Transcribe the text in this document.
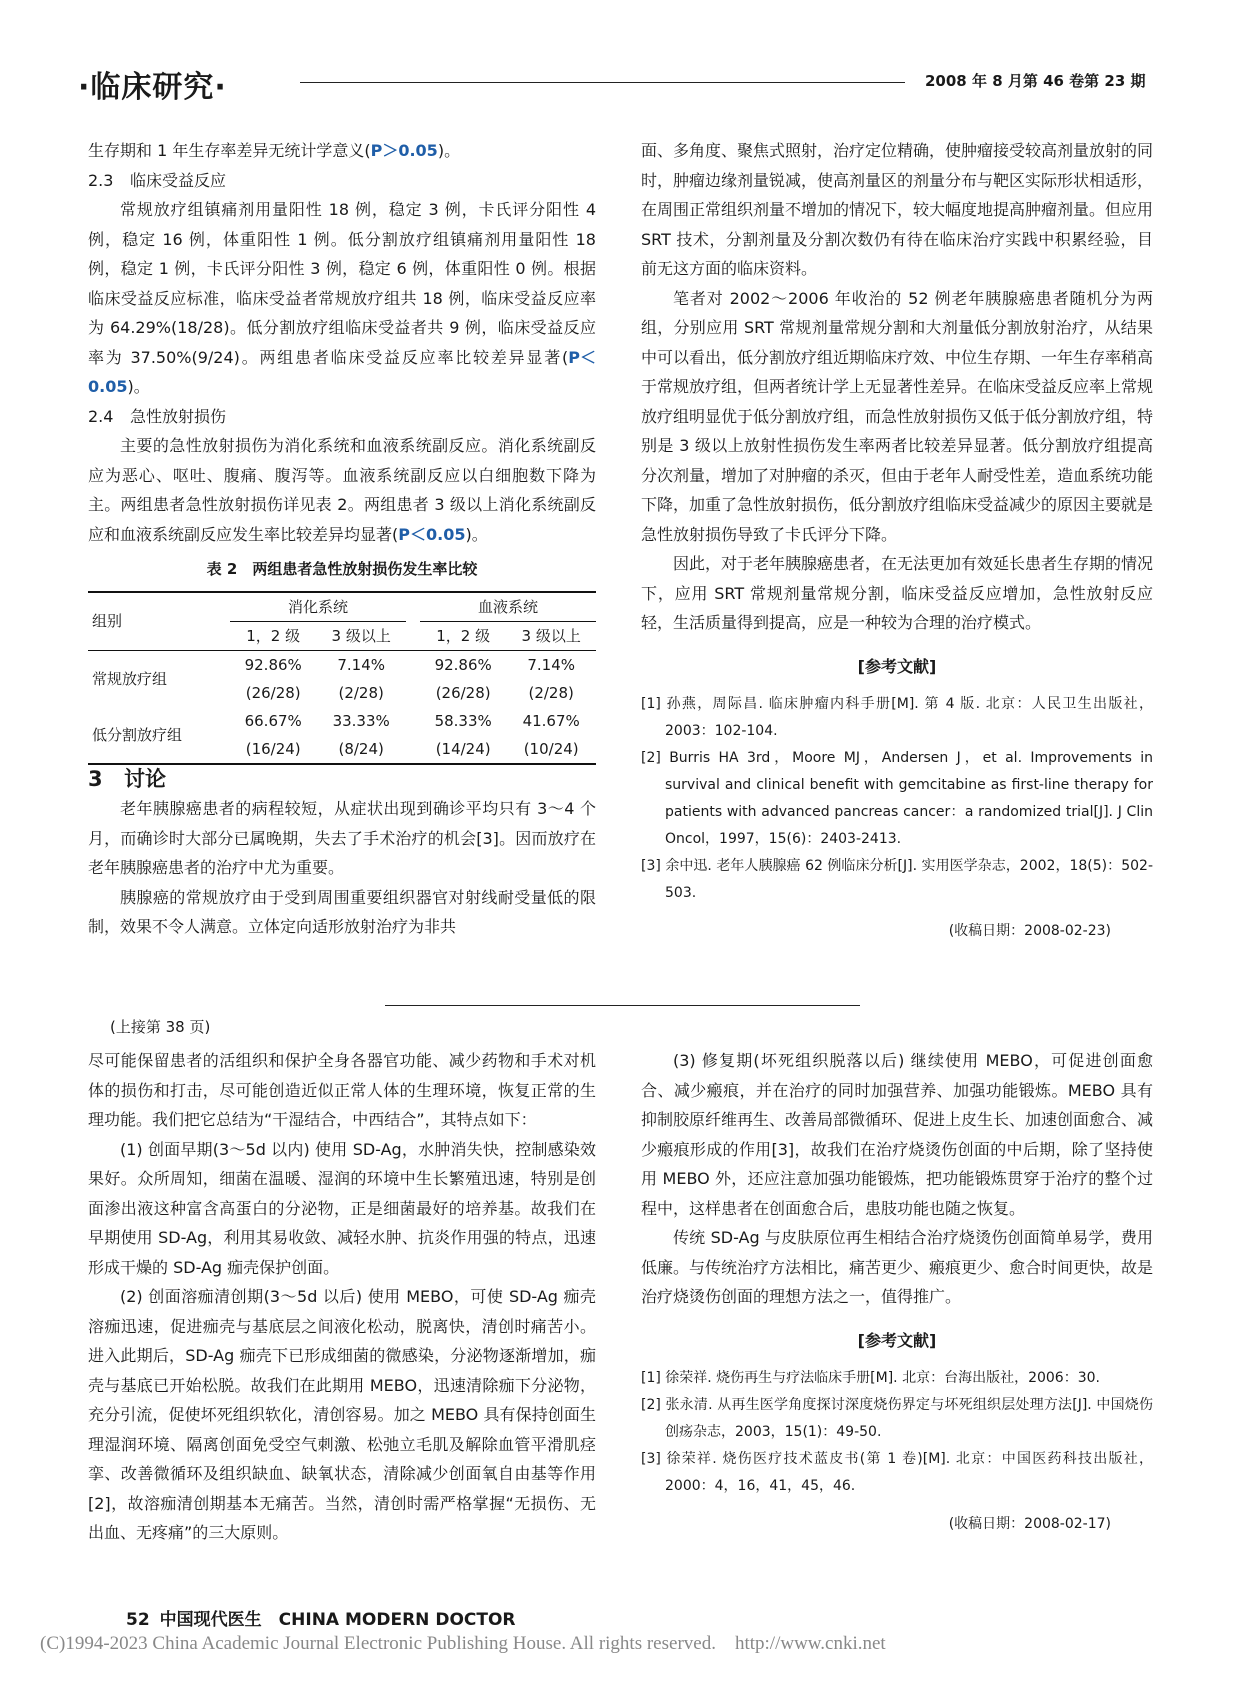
·临床研究·	2008 年 8 月第 46 卷第 23 期

生存期和 1 年生存率差异无统计学意义(P＞0.05)。

2.3 临床受益反应

常规放疗组镇痛剂用量阳性 18 例，稳定 3 例，卡氏评分阳性 4 例，稳定 16 例，体重阳性 1 例。低分割放疗组镇痛剂用量阳性 18 例，稳定 1 例，卡氏评分阳性 3 例，稳定 6 例，体重阳性 0 例。根据临床受益反应标准，临床受益者常规放疗组共 18 例，临床受益反应率为 64.29%(18/28)。低分割放疗组临床受益者共 9 例，临床受益反应率为 37.50%(9/24)。两组患者临床受益反应率比较差异显著(P＜0.05)。

2.4 急性放射损伤

主要的急性放射损伤为消化系统和血液系统副反应。消化系统副反应为恶心、呕吐、腹痛、腹泻等。血液系统副反应以白细胞数下降为主。两组患者急性放射损伤详见表 2。两组患者 3 级以上消化系统副反应和血液系统副反应发生率比较差异均显著(P＜0.05)。

表 2　两组患者急性放射损伤发生率比较
组别	消化系统			血液系统	
	1，2 级	3 级以上		1，2 级	3 级以上
常规放疗组	92.86%	7.14%		92.86%	7.14%
	(26/28)	(2/28)		(26/28)	(2/28)
低分割放疗组	66.67%	33.33%		58.33%	41.67%
	(16/24)	(8/24)		(14/24)	(10/24)

3 讨论

老年胰腺癌患者的病程较短，从症状出现到确诊平均只有 3～4 个月，而确诊时大部分已属晚期，失去了手术治疗的机会[3]。因而放疗在老年胰腺癌患者的治疗中尤为重要。

胰腺癌的常规放疗由于受到周围重要组织器官对射线耐受量低的限制，效果不令人满意。立体定向适形放射治疗为非共

面、多角度、聚焦式照射，治疗定位精确，使肿瘤接受较高剂量放射的同时，肿瘤边缘剂量锐减，使高剂量区的剂量分布与靶区实际形状相适形，在周围正常组织剂量不增加的情况下，较大幅度地提高肿瘤剂量。但应用 SRT 技术，分割剂量及分割次数仍有待在临床治疗实践中积累经验，目前无这方面的临床资料。

笔者对 2002～2006 年收治的 52 例老年胰腺癌患者随机分为两组，分别应用 SRT 常规剂量常规分割和大剂量低分割放射治疗，从结果中可以看出，低分割放疗组近期临床疗效、中位生存期、一年生存率稍高于常规放疗组，但两者统计学上无显著性差异。在临床受益反应率上常规放疗组明显优于低分割放疗组，而急性放射损伤又低于低分割放疗组，特别是 3 级以上放射性损伤发生率两者比较差异显著。低分割放疗组提高分次剂量，增加了对肿瘤的杀灭，但由于老年人耐受性差，造血系统功能下降，加重了急性放射损伤，低分割放疗组临床受益减少的原因主要就是急性放射损伤导致了卡氏评分下降。

因此，对于老年胰腺癌患者，在无法更加有效延长患者生存期的情况下，应用 SRT 常规剂量常规分割，临床受益反应增加，急性放射反应轻，生活质量得到提高，应是一种较为合理的治疗模式。

[参考文献]
[1] 孙燕，周际昌. 临床肿瘤内科手册[M]. 第 4 版. 北京：人民卫生出版社，2003：102-104.
[2] Burris HA 3rd，Moore MJ，Andersen J，et al. Improvements in survival and clinical benefit with gemcitabine as first-line therapy for patients with advanced pancreas cancer：a randomized trial[J]. J Clin Oncol，1997，15(6)：2403-2413.
[3] 余中迅. 老年人胰腺癌 62 例临床分析[J]. 实用医学杂志，2002，18(5)：502-503.
(收稿日期：2008-02-23)
(上接第 38 页)

尽可能保留患者的活组织和保护全身各器官功能、减少药物和手术对机体的损伤和打击，尽可能创造近似正常人体的生理环境，恢复正常的生理功能。我们把它总结为“干湿结合，中西结合”，其特点如下：

(1) 创面早期(3～5d 以内) 使用 SD-Ag，水肿消失快，控制感染效果好。众所周知，细菌在温暖、湿润的环境中生长繁殖迅速，特别是创面渗出液这种富含高蛋白的分泌物，正是细菌最好的培养基。故我们在早期使用 SD-Ag，利用其易收敛、减轻水肿、抗炎作用强的特点，迅速形成干燥的 SD-Ag 痂壳保护创面。

(2) 创面溶痂清创期(3～5d 以后) 使用 MEBO，可使 SD-Ag 痂壳溶痂迅速，促进痂壳与基底层之间液化松动，脱离快，清创时痛苦小。进入此期后，SD-Ag 痂壳下已形成细菌的微感染，分泌物逐渐增加，痂壳与基底已开始松脱。故我们在此期用 MEBO，迅速清除痂下分泌物，充分引流，促使坏死组织软化，清创容易。加之 MEBO 具有保持创面生理湿润环境、隔离创面免受空气刺激、松弛立毛肌及解除血管平滑肌痉挛、改善微循环及组织缺血、缺氧状态，清除减少创面氧自由基等作用[2]，故溶痂清创期基本无痛苦。当然，清创时需严格掌握“无损伤、无出血、无疼痛”的三大原则。

(3) 修复期(坏死组织脱落以后) 继续使用 MEBO，可促进创面愈合、减少瘢痕，并在治疗的同时加强营养、加强功能锻炼。MEBO 具有抑制胶原纤维再生、改善局部微循环、促进上皮生长、加速创面愈合、减少瘢痕形成的作用[3]，故我们在治疗烧烫伤创面的中后期，除了坚持使用 MEBO 外，还应注意加强功能锻炼，把功能锻炼贯穿于治疗的整个过程中，这样患者在创面愈合后，患肢功能也随之恢复。

传统 SD-Ag 与皮肤原位再生相结合治疗烧烫伤创面简单易学，费用低廉。与传统治疗方法相比，痛苦更少、瘢痕更少、愈合时间更快，故是治疗烧烫伤创面的理想方法之一，值得推广。

[参考文献]
[1] 徐荣祥. 烧伤再生与疗法临床手册[M]. 北京：台海出版社，2006：30.
[2] 张永清. 从再生医学角度探讨深度烧伤界定与坏死组织层处理方法[J]. 中国烧伤创疡杂志，2003，15(1)：49-50.
[3] 徐荣祥. 烧伤医疗技术蓝皮书(第 1 卷)[M]. 北京：中国医药科技出版社，2000：4，16，41，45，46.
(收稿日期：2008-02-17)
52 中国现代医生　CHINA MODERN DOCTOR
(C)1994-2023 China Academic Journal Electronic Publishing House. All rights reserved.　http://www.cnki.net
